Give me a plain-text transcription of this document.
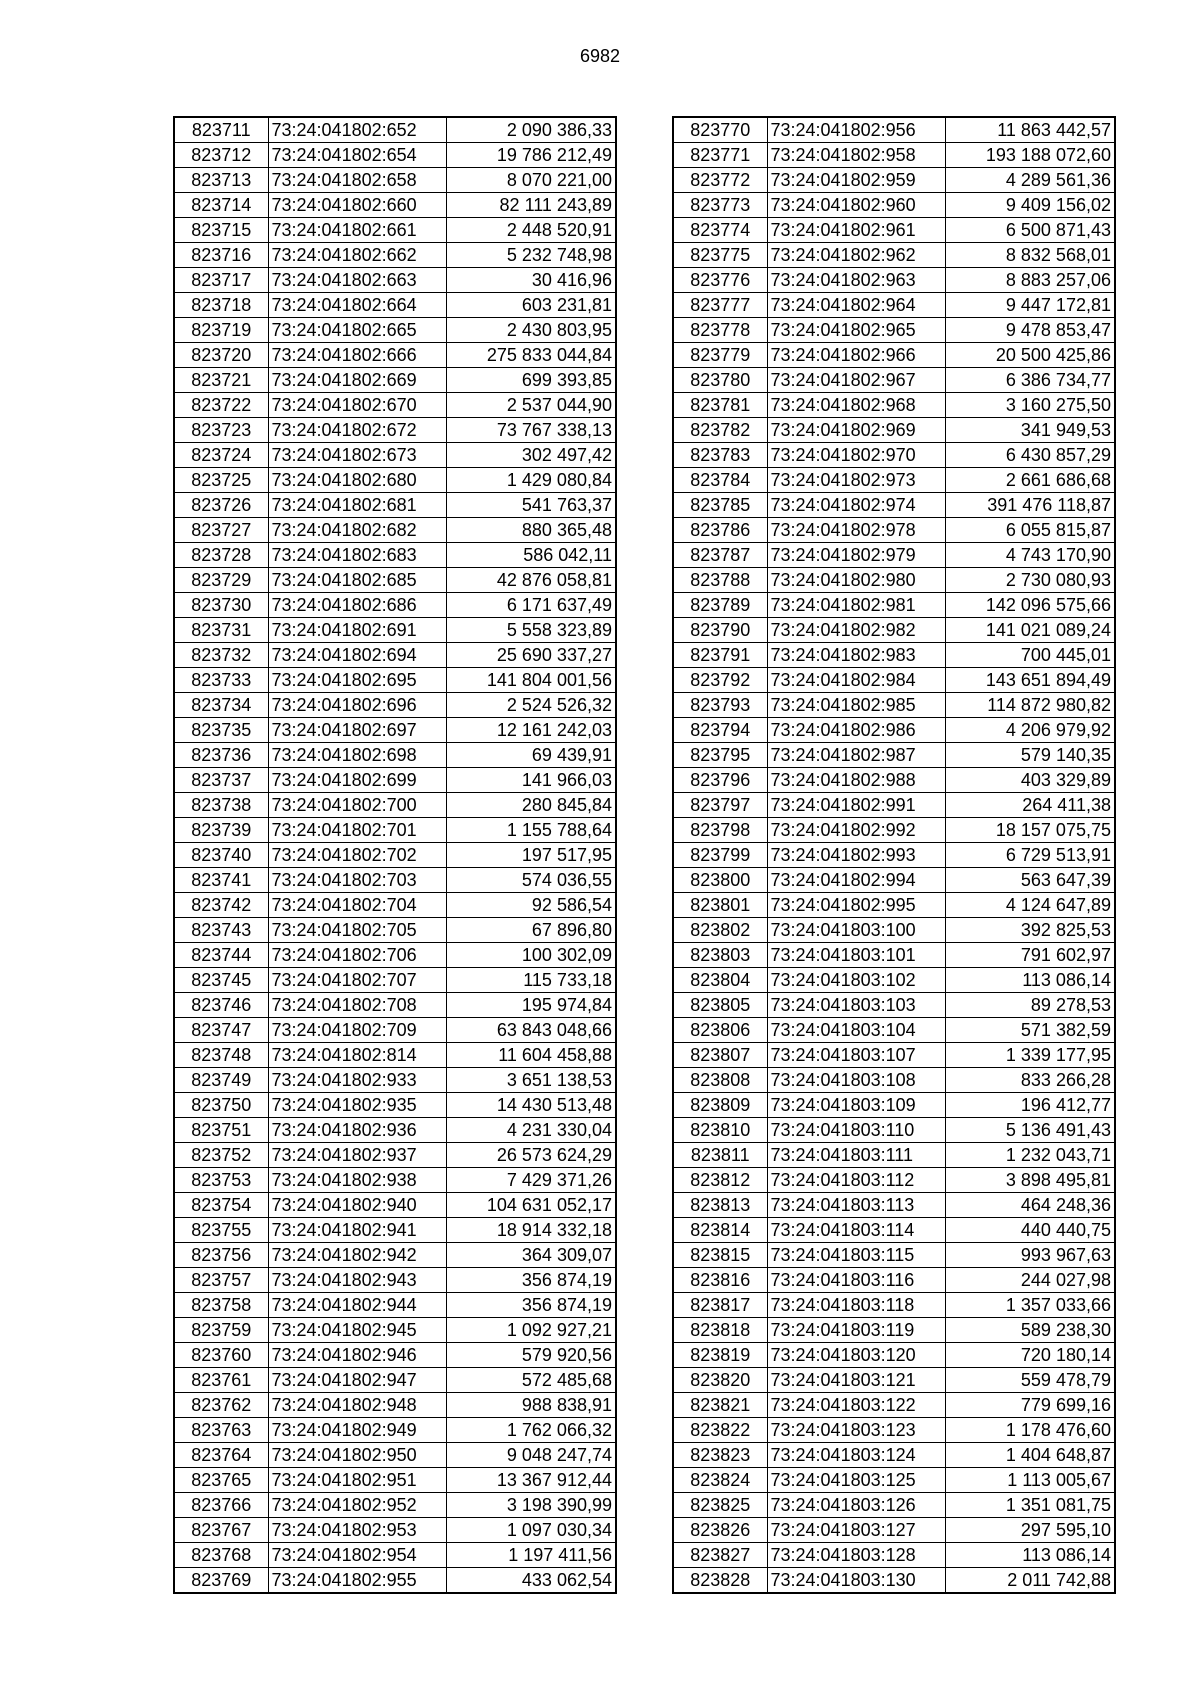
6982
823711	73:24:041802:652	2 090 386,33
823712	73:24:041802:654	19 786 212,49
823713	73:24:041802:658	8 070 221,00
823714	73:24:041802:660	82 111 243,89
823715	73:24:041802:661	2 448 520,91
823716	73:24:041802:662	5 232 748,98
823717	73:24:041802:663	30 416,96
823718	73:24:041802:664	603 231,81
823719	73:24:041802:665	2 430 803,95
823720	73:24:041802:666	275 833 044,84
823721	73:24:041802:669	699 393,85
823722	73:24:041802:670	2 537 044,90
823723	73:24:041802:672	73 767 338,13
823724	73:24:041802:673	302 497,42
823725	73:24:041802:680	1 429 080,84
823726	73:24:041802:681	541 763,37
823727	73:24:041802:682	880 365,48
823728	73:24:041802:683	586 042,11
823729	73:24:041802:685	42 876 058,81
823730	73:24:041802:686	6 171 637,49
823731	73:24:041802:691	5 558 323,89
823732	73:24:041802:694	25 690 337,27
823733	73:24:041802:695	141 804 001,56
823734	73:24:041802:696	2 524 526,32
823735	73:24:041802:697	12 161 242,03
823736	73:24:041802:698	69 439,91
823737	73:24:041802:699	141 966,03
823738	73:24:041802:700	280 845,84
823739	73:24:041802:701	1 155 788,64
823740	73:24:041802:702	197 517,95
823741	73:24:041802:703	574 036,55
823742	73:24:041802:704	92 586,54
823743	73:24:041802:705	67 896,80
823744	73:24:041802:706	100 302,09
823745	73:24:041802:707	115 733,18
823746	73:24:041802:708	195 974,84
823747	73:24:041802:709	63 843 048,66
823748	73:24:041802:814	11 604 458,88
823749	73:24:041802:933	3 651 138,53
823750	73:24:041802:935	14 430 513,48
823751	73:24:041802:936	4 231 330,04
823752	73:24:041802:937	26 573 624,29
823753	73:24:041802:938	7 429 371,26
823754	73:24:041802:940	104 631 052,17
823755	73:24:041802:941	18 914 332,18
823756	73:24:041802:942	364 309,07
823757	73:24:041802:943	356 874,19
823758	73:24:041802:944	356 874,19
823759	73:24:041802:945	1 092 927,21
823760	73:24:041802:946	579 920,56
823761	73:24:041802:947	572 485,68
823762	73:24:041802:948	988 838,91
823763	73:24:041802:949	1 762 066,32
823764	73:24:041802:950	9 048 247,74
823765	73:24:041802:951	13 367 912,44
823766	73:24:041802:952	3 198 390,99
823767	73:24:041802:953	1 097 030,34
823768	73:24:041802:954	1 197 411,56
823769	73:24:041802:955	433 062,54
823770	73:24:041802:956	11 863 442,57
823771	73:24:041802:958	193 188 072,60
823772	73:24:041802:959	4 289 561,36
823773	73:24:041802:960	9 409 156,02
823774	73:24:041802:961	6 500 871,43
823775	73:24:041802:962	8 832 568,01
823776	73:24:041802:963	8 883 257,06
823777	73:24:041802:964	9 447 172,81
823778	73:24:041802:965	9 478 853,47
823779	73:24:041802:966	20 500 425,86
823780	73:24:041802:967	6 386 734,77
823781	73:24:041802:968	3 160 275,50
823782	73:24:041802:969	341 949,53
823783	73:24:041802:970	6 430 857,29
823784	73:24:041802:973	2 661 686,68
823785	73:24:041802:974	391 476 118,87
823786	73:24:041802:978	6 055 815,87
823787	73:24:041802:979	4 743 170,90
823788	73:24:041802:980	2 730 080,93
823789	73:24:041802:981	142 096 575,66
823790	73:24:041802:982	141 021 089,24
823791	73:24:041802:983	700 445,01
823792	73:24:041802:984	143 651 894,49
823793	73:24:041802:985	114 872 980,82
823794	73:24:041802:986	4 206 979,92
823795	73:24:041802:987	579 140,35
823796	73:24:041802:988	403 329,89
823797	73:24:041802:991	264 411,38
823798	73:24:041802:992	18 157 075,75
823799	73:24:041802:993	6 729 513,91
823800	73:24:041802:994	563 647,39
823801	73:24:041802:995	4 124 647,89
823802	73:24:041803:100	392 825,53
823803	73:24:041803:101	791 602,97
823804	73:24:041803:102	113 086,14
823805	73:24:041803:103	89 278,53
823806	73:24:041803:104	571 382,59
823807	73:24:041803:107	1 339 177,95
823808	73:24:041803:108	833 266,28
823809	73:24:041803:109	196 412,77
823810	73:24:041803:110	5 136 491,43
823811	73:24:041803:111	1 232 043,71
823812	73:24:041803:112	3 898 495,81
823813	73:24:041803:113	464 248,36
823814	73:24:041803:114	440 440,75
823815	73:24:041803:115	993 967,63
823816	73:24:041803:116	244 027,98
823817	73:24:041803:118	1 357 033,66
823818	73:24:041803:119	589 238,30
823819	73:24:041803:120	720 180,14
823820	73:24:041803:121	559 478,79
823821	73:24:041803:122	779 699,16
823822	73:24:041803:123	1 178 476,60
823823	73:24:041803:124	1 404 648,87
823824	73:24:041803:125	1 113 005,67
823825	73:24:041803:126	1 351 081,75
823826	73:24:041803:127	297 595,10
823827	73:24:041803:128	113 086,14
823828	73:24:041803:130	2 011 742,88
